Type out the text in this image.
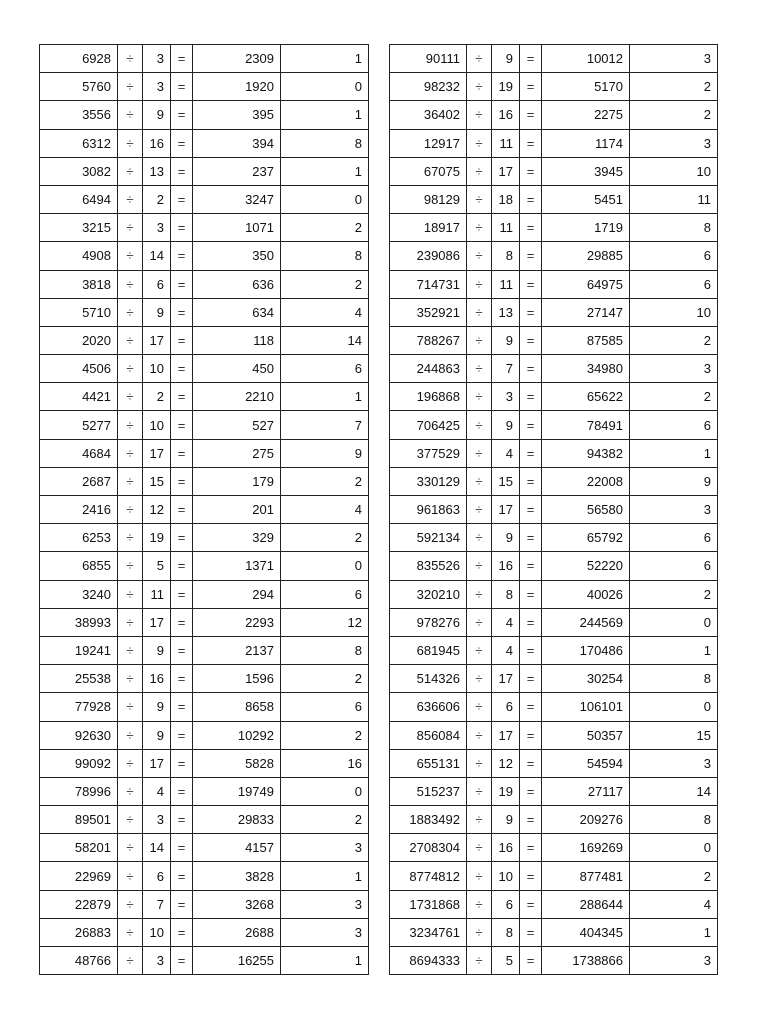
6928	÷	3	=	2309	1
5760	÷	3	=	1920	0
3556	÷	9	=	395	1
6312	÷	16	=	394	8
3082	÷	13	=	237	1
6494	÷	2	=	3247	0
3215	÷	3	=	1071	2
4908	÷	14	=	350	8
3818	÷	6	=	636	2
5710	÷	9	=	634	4
2020	÷	17	=	118	14
4506	÷	10	=	450	6
4421	÷	2	=	2210	1
5277	÷	10	=	527	7
4684	÷	17	=	275	9
2687	÷	15	=	179	2
2416	÷	12	=	201	4
6253	÷	19	=	329	2
6855	÷	5	=	1371	0
3240	÷	11	=	294	6
38993	÷	17	=	2293	12
19241	÷	9	=	2137	8
25538	÷	16	=	1596	2
77928	÷	9	=	8658	6
92630	÷	9	=	10292	2
99092	÷	17	=	5828	16
78996	÷	4	=	19749	0
89501	÷	3	=	29833	2
58201	÷	14	=	4157	3
22969	÷	6	=	3828	1
22879	÷	7	=	3268	3
26883	÷	10	=	2688	3
48766	÷	3	=	16255	1
90111	÷	9	=	10012	3
98232	÷	19	=	5170	2
36402	÷	16	=	2275	2
12917	÷	11	=	1174	3
67075	÷	17	=	3945	10
98129	÷	18	=	5451	11
18917	÷	11	=	1719	8
239086	÷	8	=	29885	6
714731	÷	11	=	64975	6
352921	÷	13	=	27147	10
788267	÷	9	=	87585	2
244863	÷	7	=	34980	3
196868	÷	3	=	65622	2
706425	÷	9	=	78491	6
377529	÷	4	=	94382	1
330129	÷	15	=	22008	9
961863	÷	17	=	56580	3
592134	÷	9	=	65792	6
835526	÷	16	=	52220	6
320210	÷	8	=	40026	2
978276	÷	4	=	244569	0
681945	÷	4	=	170486	1
514326	÷	17	=	30254	8
636606	÷	6	=	106101	0
856084	÷	17	=	50357	15
655131	÷	12	=	54594	3
515237	÷	19	=	27117	14
1883492	÷	9	=	209276	8
2708304	÷	16	=	169269	0
8774812	÷	10	=	877481	2
1731868	÷	6	=	288644	4
3234761	÷	8	=	404345	1
8694333	÷	5	=	1738866	3
